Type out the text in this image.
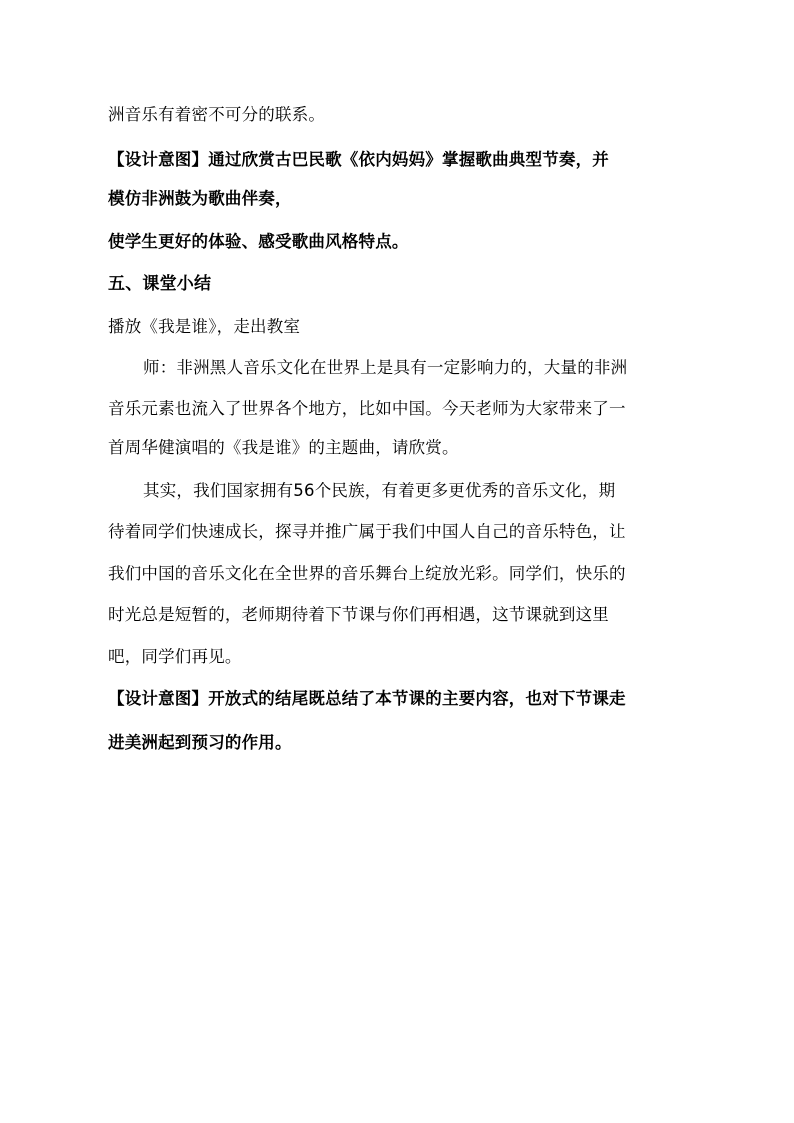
洲音乐有着密不可分的联系。
【设计意图】通过欣赏古巴民歌《依内妈妈》掌握歌曲典型节奏，并
模仿非洲鼓为歌曲伴奏，
使学生更好的体验、感受歌曲风格特点。
五、课堂小结
播放《我是谁》，走出教室
师：非洲黑人音乐文化在世界上是具有一定影响力的，大量的非洲
音乐元素也流入了世界各个地方，比如中国。今天老师为大家带来了一
首周华健演唱的《我是谁》的主题曲，请欣赏。
其实，我们国家拥有56个民族，有着更多更优秀的音乐文化，期
待着同学们快速成长，探寻并推广属于我们中国人自己的音乐特色，让
我们中国的音乐文化在全世界的音乐舞台上绽放光彩。同学们，快乐的
时光总是短暂的，老师期待着下节课与你们再相遇，这节课就到这里
吧，同学们再见。
【设计意图】开放式的结尾既总结了本节课的主要内容，也对下节课走
进美洲起到预习的作用。
